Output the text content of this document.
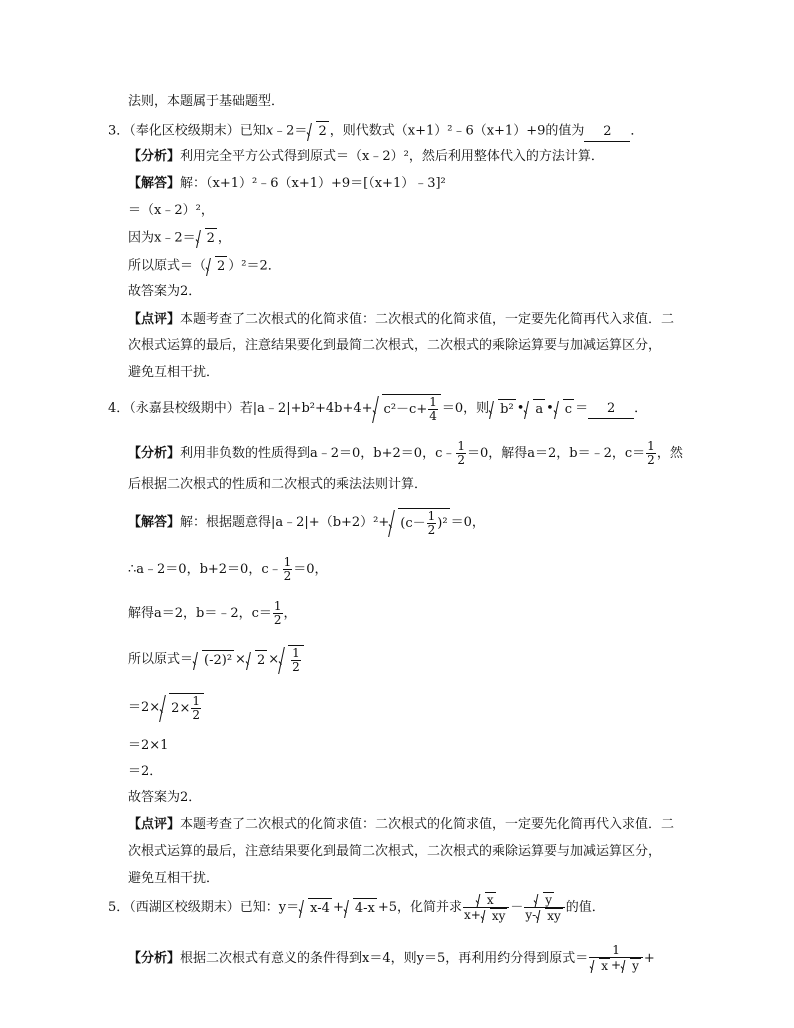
法则，本题属于基础题型．
3．（奉化区校级期末）已知x﹣2＝ 2 ，则代数式（x+1）²﹣6（x+1）+9的值为 2 ．
【分析】利用完全平方公式得到原式＝（x﹣2）²，然后利用整体代入的方法计算．
【解答】解：（x+1）²﹣6（x+1）+9＝[（x+1）﹣3]²
＝（x﹣2）²，
因为x﹣2＝ 2 ，
所以原式＝（ 2 ）²＝2．
故答案为2．
【点评】本题考查了二次根式的化简求值：二次根式的化简求值，一定要先化简再代入求值．二
次根式运算的最后，注意结果要化到最简二次根式，二次根式的乘除运算要与加减运算区分，
避免互相干扰．
4．（永嘉县校级期中）若|a﹣2|+b²+4b+4+ $c^2-c+ \frac{1}{4} =0$，则 b² • a • c ＝ 2 ．
【分析】利用非负数的性质得到a﹣2＝0，b+2＝0，c﹣ $\frac{1}{2} =0$，解得a＝2，b＝﹣2，$c= \frac{1}{2}$ ，然
后根据二次根式的性质和二次根式的乘法法则计算．
【解答】解：根据题意得|a﹣2|+（b+2）²+ $(c- \frac{1}{2} )^2 =0$，
∴a﹣2＝0，b+2＝0，c﹣ $\frac{1}{2} =0$，
解得a＝2，b＝﹣2，$c= \frac{1}{2}$ ，
所以原式＝ $(-2)^2 \times 2 \times \frac{1}{2}$
$=2\times 2\times \frac{1}{2}$
＝2×1
＝2．
故答案为2．
【点评】本题考查了二次根式的化简求值：二次根式的化简求值，一定要先化简再代入求值．二
次根式运算的最后，注意结果要化到最简二次根式，二次根式的乘除运算要与加减运算区分，
避免互相干扰．
5．（西湖区校级期末）已知：y＝ x-4 + 4-x +5，化简并求 $\frac{x}{x+ xy} - \frac{y}{y- xy}$ 的值．
【分析】根据二次根式有意义的条件得到x＝4，则y＝5，再利用约分得到原式＝ $\frac{1}{x + y}$ +
